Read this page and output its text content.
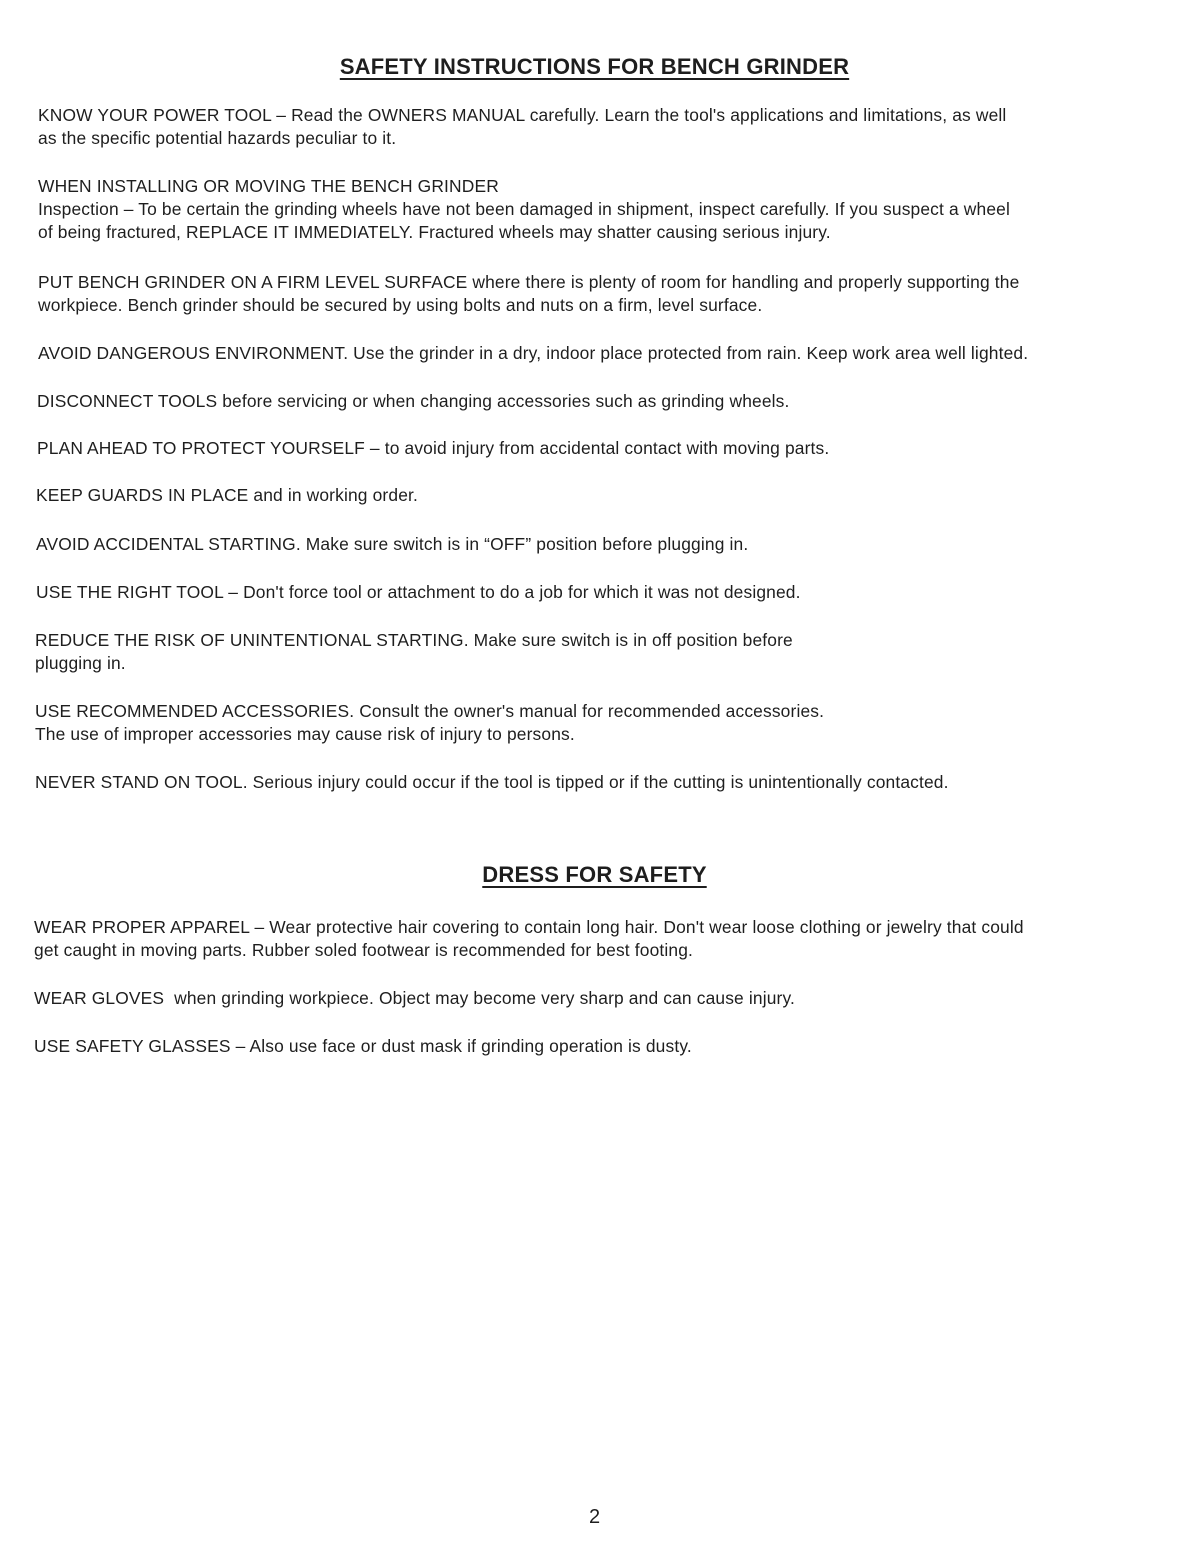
SAFETY INSTRUCTIONS FOR BENCH GRINDER

KNOW YOUR POWER TOOL – Read the OWNERS MANUAL carefully. Learn the tool's applications and limitations, as well
as the specific potential hazards peculiar to it.

WHEN INSTALLING OR MOVING THE BENCH GRINDER
Inspection – To be certain the grinding wheels have not been damaged in shipment, inspect carefully. If you suspect a wheel
of being fractured, REPLACE IT IMMEDIATELY. Fractured wheels may shatter causing serious injury.

PUT BENCH GRINDER ON A FIRM LEVEL SURFACE where there is plenty of room for handling and properly supporting the
workpiece. Bench grinder should be secured by using bolts and nuts on a firm, level surface.

AVOID DANGEROUS ENVIRONMENT. Use the grinder in a dry, indoor place protected from rain. Keep work area well lighted.

DISCONNECT TOOLS before servicing or when changing accessories such as grinding wheels.

PLAN AHEAD TO PROTECT YOURSELF – to avoid injury from accidental contact with moving parts.

KEEP GUARDS IN PLACE and in working order.

AVOID ACCIDENTAL STARTING. Make sure switch is in “OFF” position before plugging in.

USE THE RIGHT TOOL – Don't force tool or attachment to do a job for which it was not designed.

REDUCE THE RISK OF UNINTENTIONAL STARTING. Make sure switch is in off position before
plugging in.

USE RECOMMENDED ACCESSORIES. Consult the owner's manual for recommended accessories.
The use of improper accessories may cause risk of injury to persons.

NEVER STAND ON TOOL. Serious injury could occur if the tool is tipped or if the cutting is unintentionally contacted.

DRESS FOR SAFETY

WEAR PROPER APPAREL – Wear protective hair covering to contain long hair. Don't wear loose clothing or jewelry that could
get caught in moving parts. Rubber soled footwear is recommended for best footing.

WEAR GLOVES  when grinding workpiece. Object may become very sharp and can cause injury.

USE SAFETY GLASSES – Also use face or dust mask if grinding operation is dusty.

2
